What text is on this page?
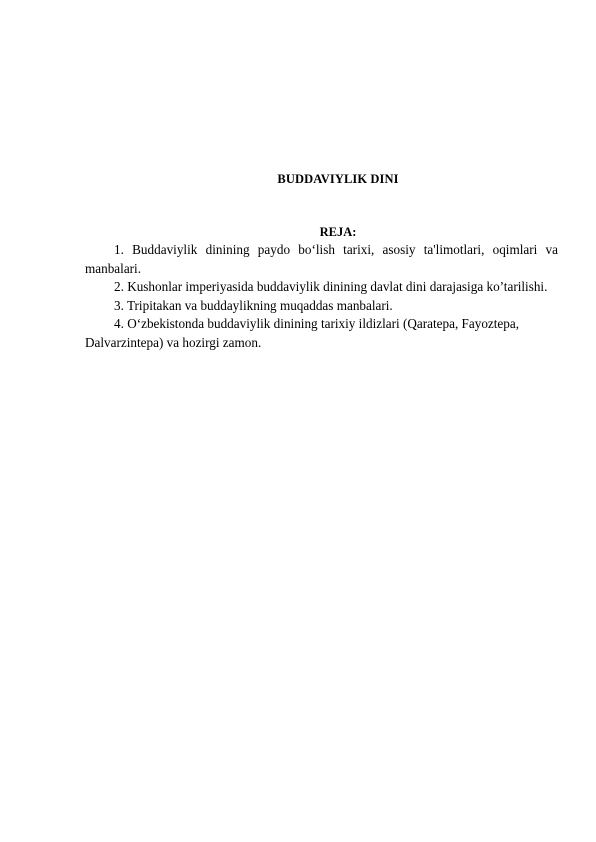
BUDDAVIYLIK DINI
REJA:

1. Buddaviylik dinining paydo bo‘lish tarixi, asosiy ta'limotlari, oqimlari va manbalari.

2. Kushonlar imperiyasida buddaviylik dinining davlat dini darajasiga ko’tarilishi.

3. Tripitakan va buddaylikning muqaddas manbalari.

4. O‘zbekistonda buddaviylik dinining tarixiy ildizlari (Qaratepa, Fayoztepa, Dalvarzintepa) va hozirgi zamon.
